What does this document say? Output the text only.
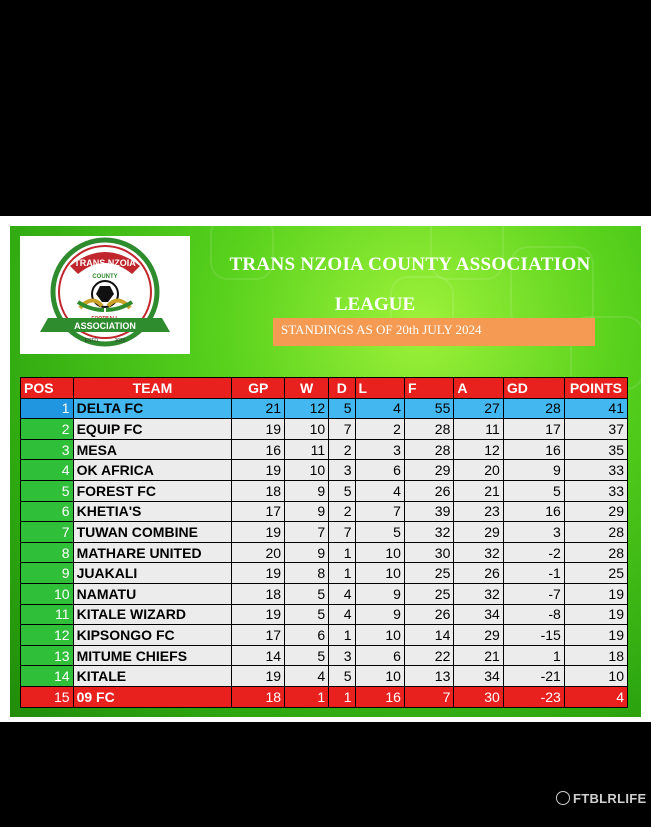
TRANS NZOIA
COUNTY
ASSOCIATION
ESTD.	2020
TRANS NZOIA COUNTY ASSOCIATION
LEAGUE
STANDINGS AS OF 20th JULY 2024
POS	TEAM	GP	W	D	L	F	A	GD	POINTS
1	DELTA FC	21	12	5	4	55	27	28	41
2	EQUIP FC	19	10	7	2	28	11	17	37
3	MESA	16	11	2	3	28	12	16	35
4	OK AFRICA	19	10	3	6	29	20	9	33
5	FOREST FC	18	9	5	4	26	21	5	33
6	KHETIA'S	17	9	2	7	39	23	16	29
7	TUWAN COMBINE	19	7	7	5	32	29	3	28
8	MATHARE UNITED	20	9	1	10	30	32	-2	28
9	JUAKALI	19	8	1	10	25	26	-1	25
10	NAMATU	18	5	4	9	25	32	-7	19
11	KITALE WIZARD	19	5	4	9	26	34	-8	19
12	KIPSONGO FC	17	6	1	10	14	29	-15	19
13	MITUME CHIEFS	14	5	3	6	22	21	1	18
14	KITALE	19	4	5	10	13	34	-21	10
15	09 FC	18	1	1	16	7	30	-23	4
FTBLRLIFE
